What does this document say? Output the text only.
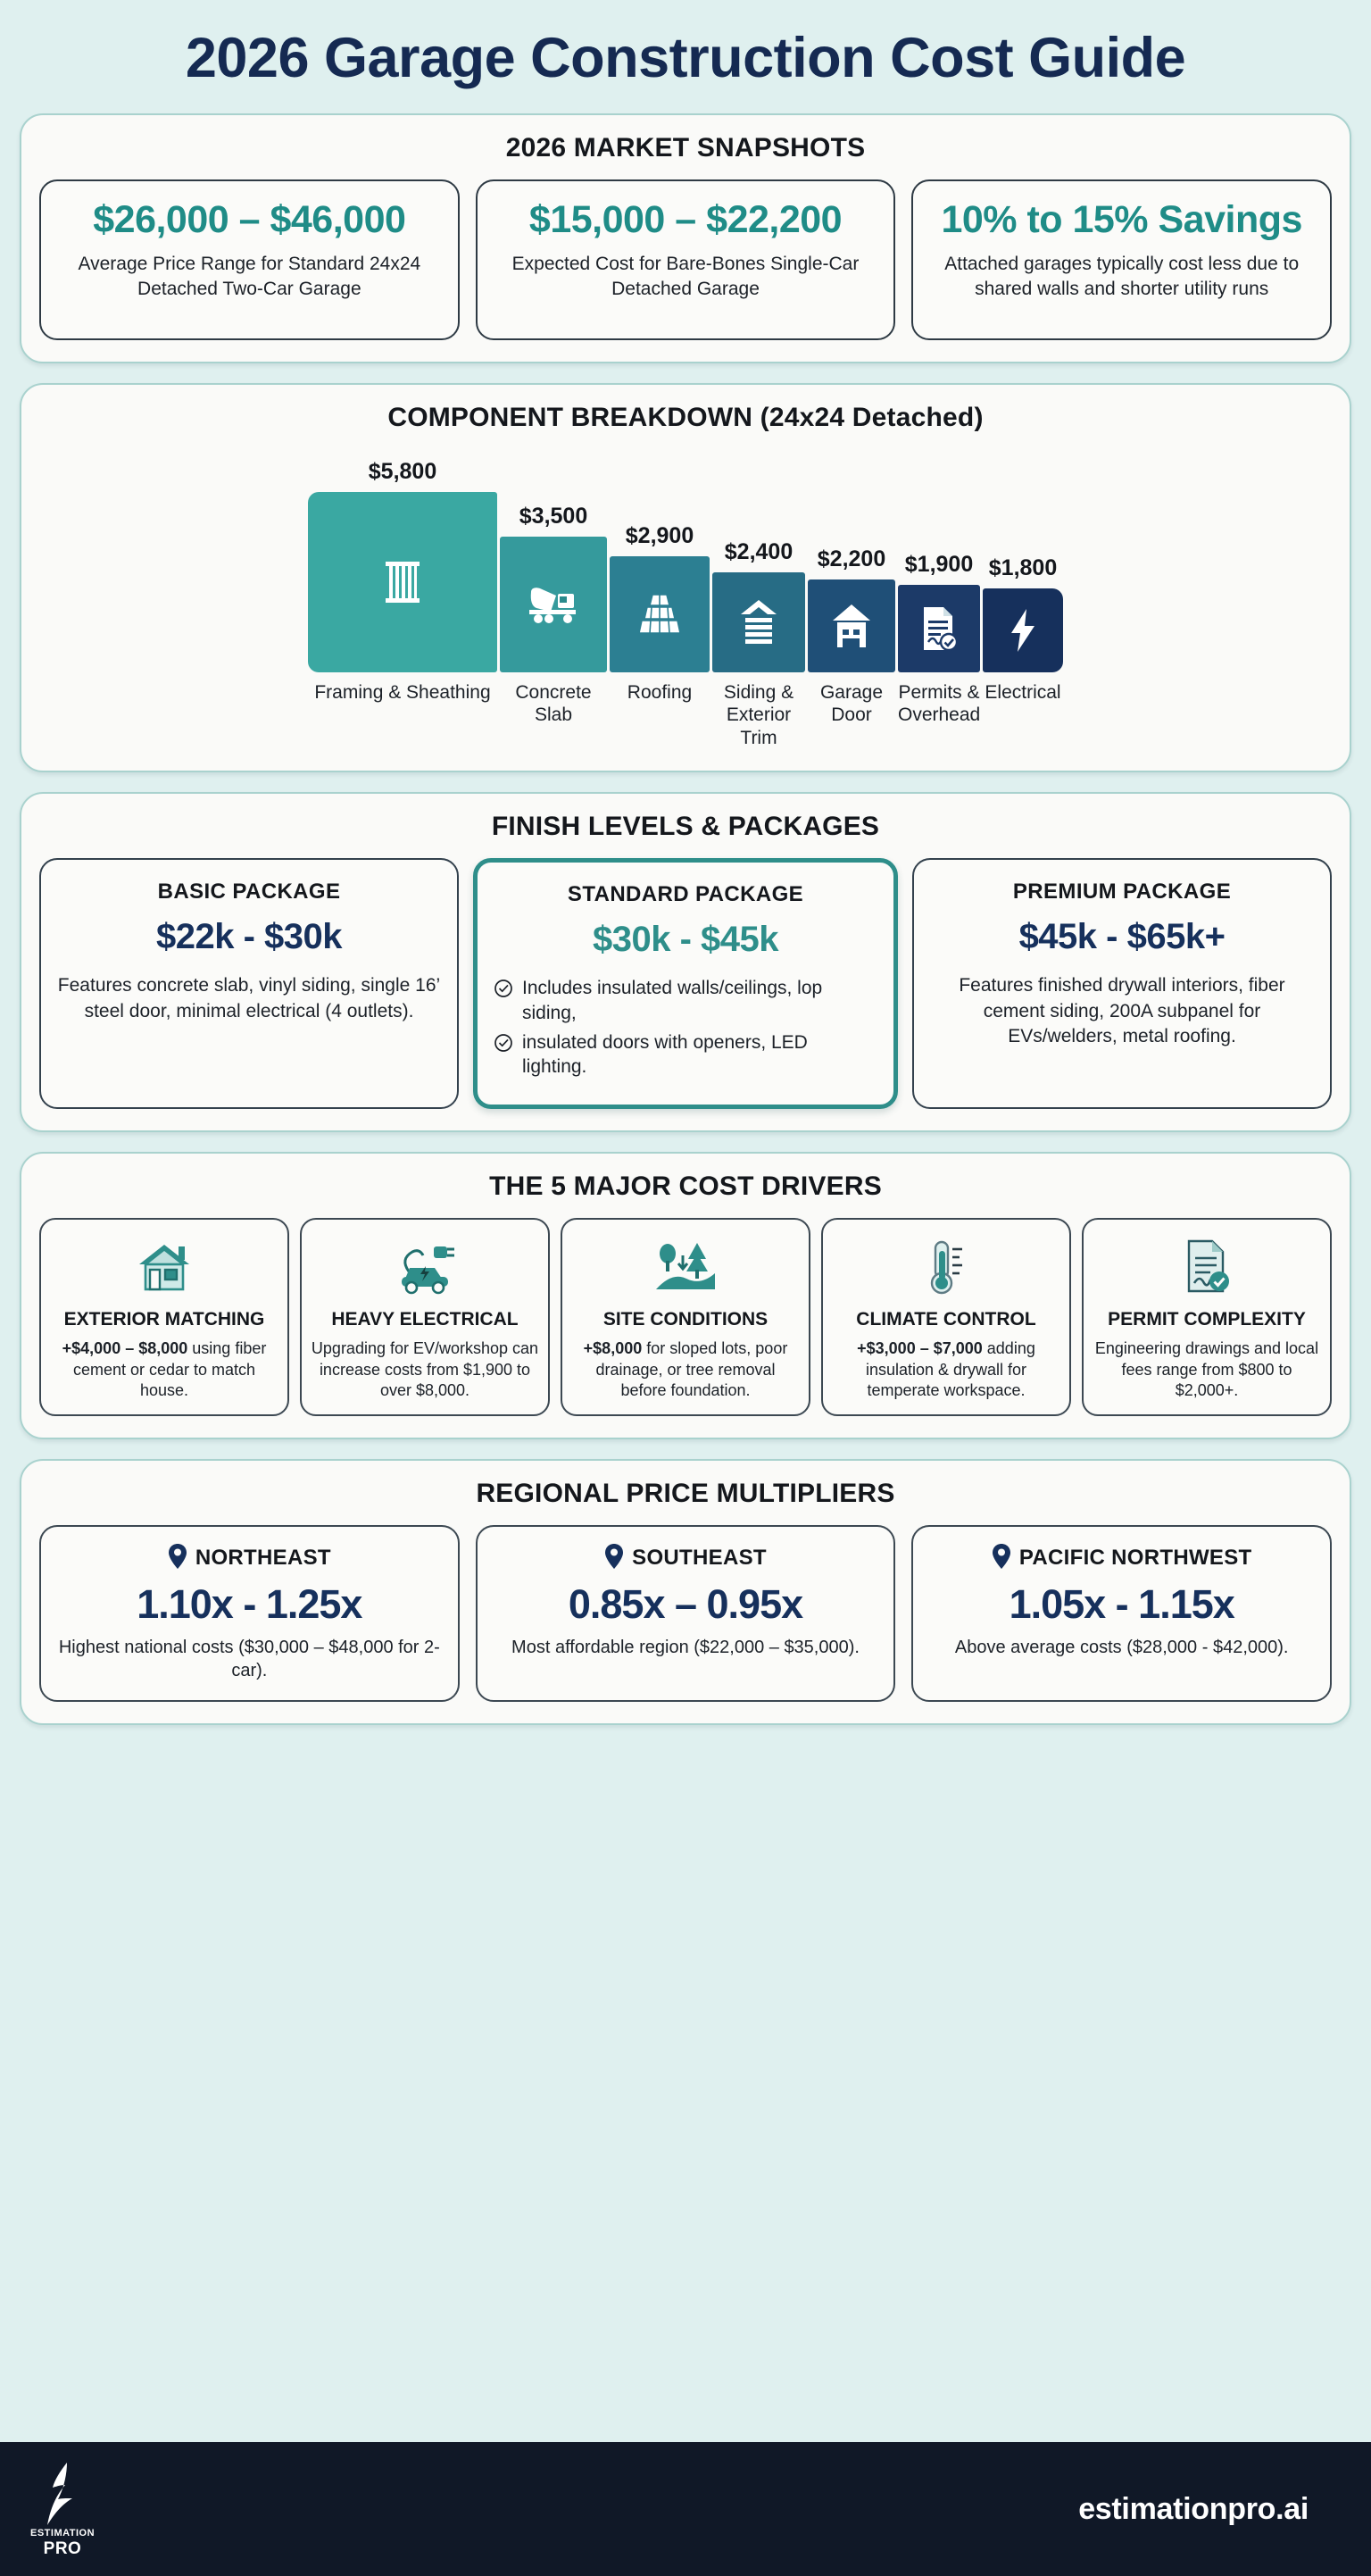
2026 Garage Construction Cost Guide
2026 MARKET SNAPSHOTS
$26,000 – $46,000
Average Price Range for Standard 24x24 Detached Two-Car Garage
$15,000 – $22,200
Expected Cost for Bare-Bones Single-Car Detached Garage
10% to 15% Savings
Attached garages typically cost less due to shared walls and shorter utility runs
COMPONENT BREAKDOWN (24x24 Detached)
$5,800
$3,500
$2,900
$2,400 $2,200 $1,900 $1,800
Framing & Sheathing	Concrete Slab
Roofing	Siding & Exterior Trim
Garage Door
Permits & Overhead
Electrical
FINISH LEVELS & PACKAGES
BASIC PACKAGE
$22k - $30k
Features concrete slab, vinyl siding, single 16’ steel door, minimal electrical (4 outlets).
STANDARD PACKAGE
$30k - $45k
Includes insulated walls/ceilings, lop siding,
insulated doors with openers, LED lighting.
PREMIUM PACKAGE
$45k - $65k+
Features finished drywall interiors, fiber cement siding, 200A subpanel for EVs/welders, metal roofing.
THE 5 MAJOR COST DRIVERS
EXTERIOR MATCHING
+$4,000 – $8,000 using fiber cement or cedar to match house.
HEAVY ELECTRICAL
Upgrading for EV/workshop can increase costs from $1,900 to over $8,000.
SITE CONDITIONS
+$8,000 for sloped lots, poor drainage, or tree removal before foundation.
CLIMATE CONTROL
+$3,000 – $7,000 adding insulation & drywall for temperate workspace.
PERMIT COMPLEXITY
Engineering drawings and local fees range from $800 to $2,000+.
REGIONAL PRICE MULTIPLIERS
NORTHEAST
1.10x - 1.25x
Highest national costs ($30,000 – $48,000 for 2-car).
SOUTHEAST
0.85x – 0.95x
Most affordable region ($22,000 – $35,000).
PACIFIC NORTHWEST
1.05x - 1.15x
Above average costs ($28,000 - $42,000).
ESTIMATION
PRO
estimationpro.ai
